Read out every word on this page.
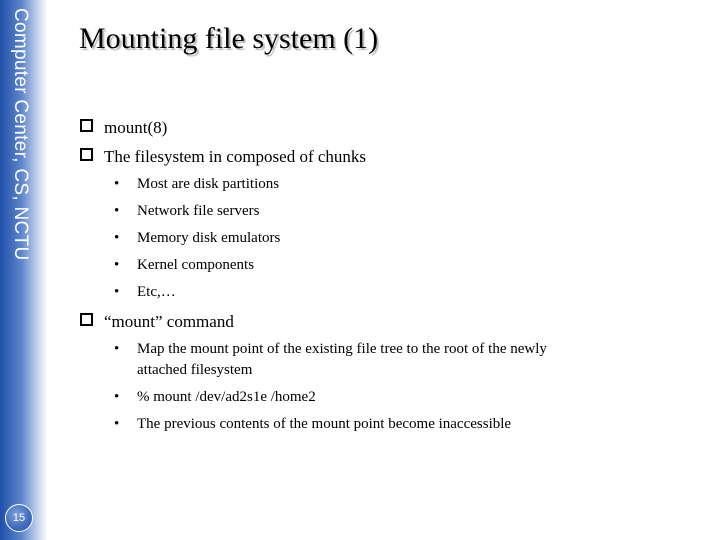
Computer Center, CS, NCTU
15
Mounting file system (1)
mount(8)
The filesystem in composed of chunks
• Most are disk partitions
• Network file servers
• Memory disk emulators
• Kernel components
• Etc,…
“mount” command
• Map the mount point of the existing file tree to the root of the newly
attached filesystem
• % mount /dev/ad2s1e /home2
• The previous contents of the mount point become inaccessible
